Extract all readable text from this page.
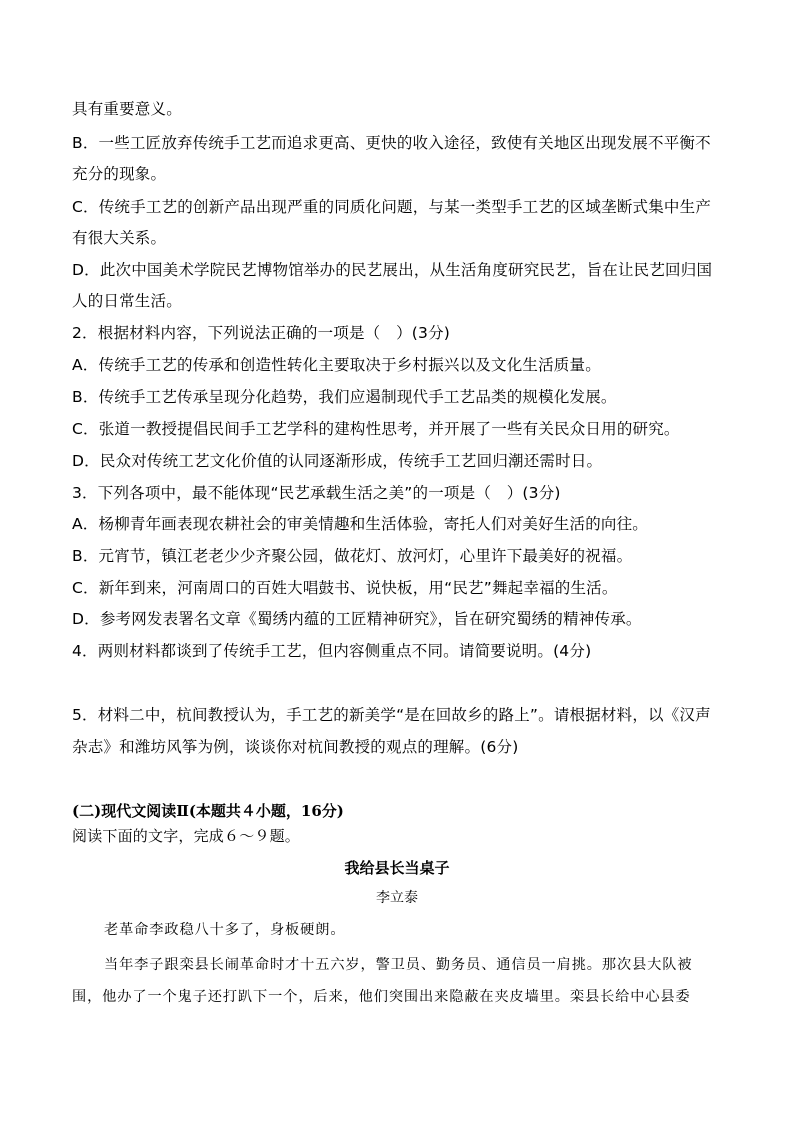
具有重要意义。
B．一些工匠放弃传统手工艺而追求更高、更快的收入途径，致使有关地区出现发展不平衡不
充分的现象。
C．传统手工艺的创新产品出现严重的同质化问题，与某一类型手工艺的区域垄断式集中生产
有很大关系。
D．此次中国美术学院民艺博物馆举办的民艺展出，从生活角度研究民艺，旨在让民艺回归国
人的日常生活。
2．根据材料内容，下列说法正确的一项是（　）(3分)
A．传统手工艺的传承和创造性转化主要取决于乡村振兴以及文化生活质量。
B．传统手工艺传承呈现分化趋势，我们应遏制现代手工艺品类的规模化发展。
C．张道一教授提倡民间手工艺学科的建构性思考，并开展了一些有关民众日用的研究。
D．民众对传统工艺文化价值的认同逐渐形成，传统手工艺回归潮还需时日。
3．下列各项中，最不能体现“民艺承载生活之美”的一项是（　）(3分)
A．杨柳青年画表现农耕社会的审美情趣和生活体验，寄托人们对美好生活的向往。
B．元宵节，镇江老老少少齐聚公园，做花灯、放河灯，心里许下最美好的祝福。
C．新年到来，河南周口的百姓大唱鼓书、说快板，用“民艺”舞起幸福的生活。
D．参考网发表署名文章《蜀绣内蕴的工匠精神研究》，旨在研究蜀绣的精神传承。
4．两则材料都谈到了传统手工艺，但内容侧重点不同。请简要说明。(4分)
5．材料二中，杭间教授认为，手工艺的新美学“是在回故乡的路上”。请根据材料，以《汉声
杂志》和潍坊风筝为例，谈谈你对杭间教授的观点的理解。(6分)
(二)现代文阅读Ⅱ(本题共４小题，16分)
阅读下面的文字，完成６～９题。
我给县长当桌子
李立泰
老革命李政稳八十多了，身板硬朗。
当年李子跟栾县长闹革命时才十五六岁，警卫员、勤务员、通信员一肩挑。那次县大队被
围，他办了一个鬼子还打趴下一个，后来，他们突围出来隐蔽在夹皮墙里。栾县长给中心县委
